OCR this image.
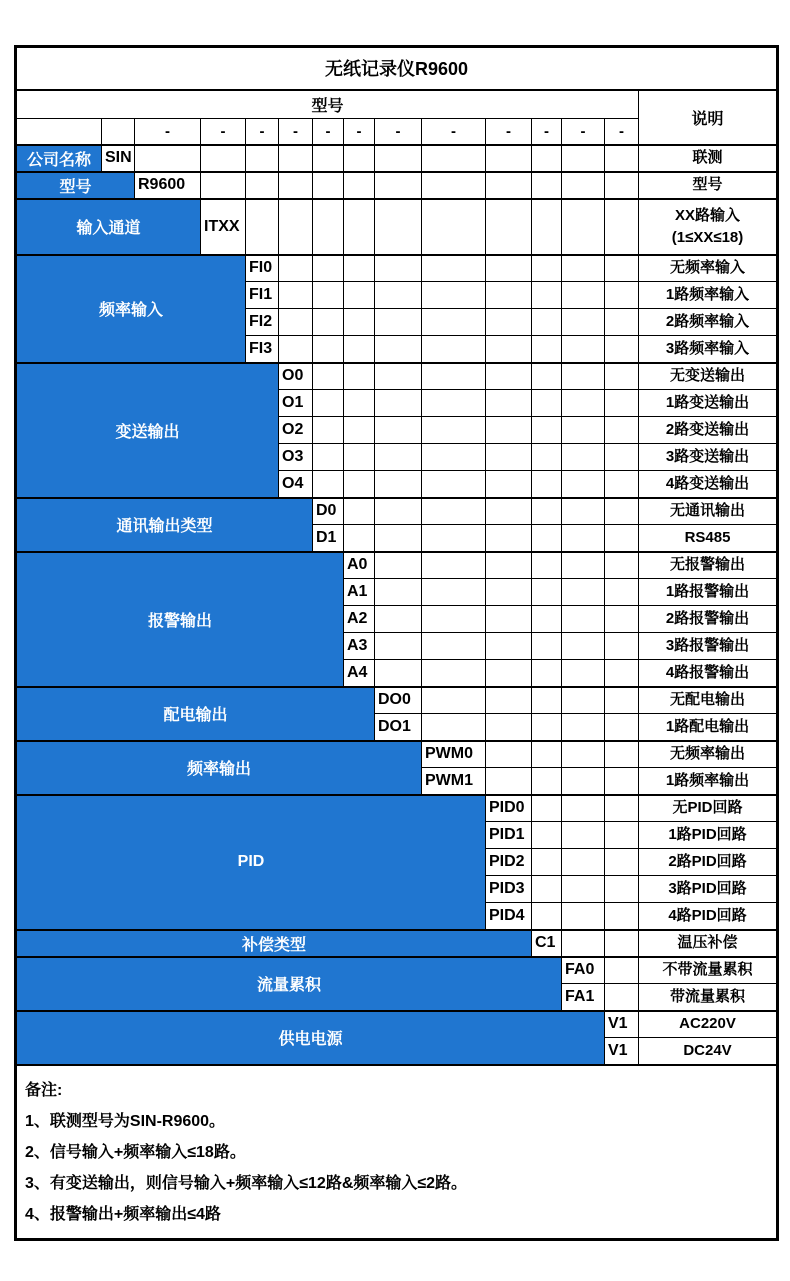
无纸记录仪R9600														
型号														说明
		-	-	-	-	-	-	-	-	-	-	-	-	
公司名称	SIN													联测
型号		R9600												型号
输入通道			ITXX											XX路输入
(1≤XX≤18)
频率输入				FI0										无频率输入
				FI1										1路频率输入
				FI2										2路频率输入
				FI3										3路频率输入
变送输出					O0									无变送输出
					O1									1路变送输出
					O2									2路变送输出
					O3									3路变送输出
					O4									4路变送输出
通讯输出类型						D0								无通讯输出
						D1								RS485
报警输出							A0							无报警输出
							A1							1路报警输出
							A2							2路报警输出
							A3							3路报警输出
							A4							4路报警输出
配电输出								DO0						无配电输出
								DO1						1路配电输出
频率输出									PWM0					无频率输出
									PWM1					1路频率输出
PID										PID0				无PID回路
										PID1				1路PID回路
										PID2				2路PID回路
										PID3				3路PID回路
										PID4				4路PID回路
补偿类型											C1			温压补偿
流量累积												FA0		不带流量累积
												FA1		带流量累积
供电电源													V1	AC220V
													V1	DC24V

备注:
1、联测型号为SIN-R9600。
2、信号输入+频率输入≤18路。
3、有变送输出，则信号输入+频率输入≤12路&频率输入≤2路。
4、报警输出+频率输出≤4路														
